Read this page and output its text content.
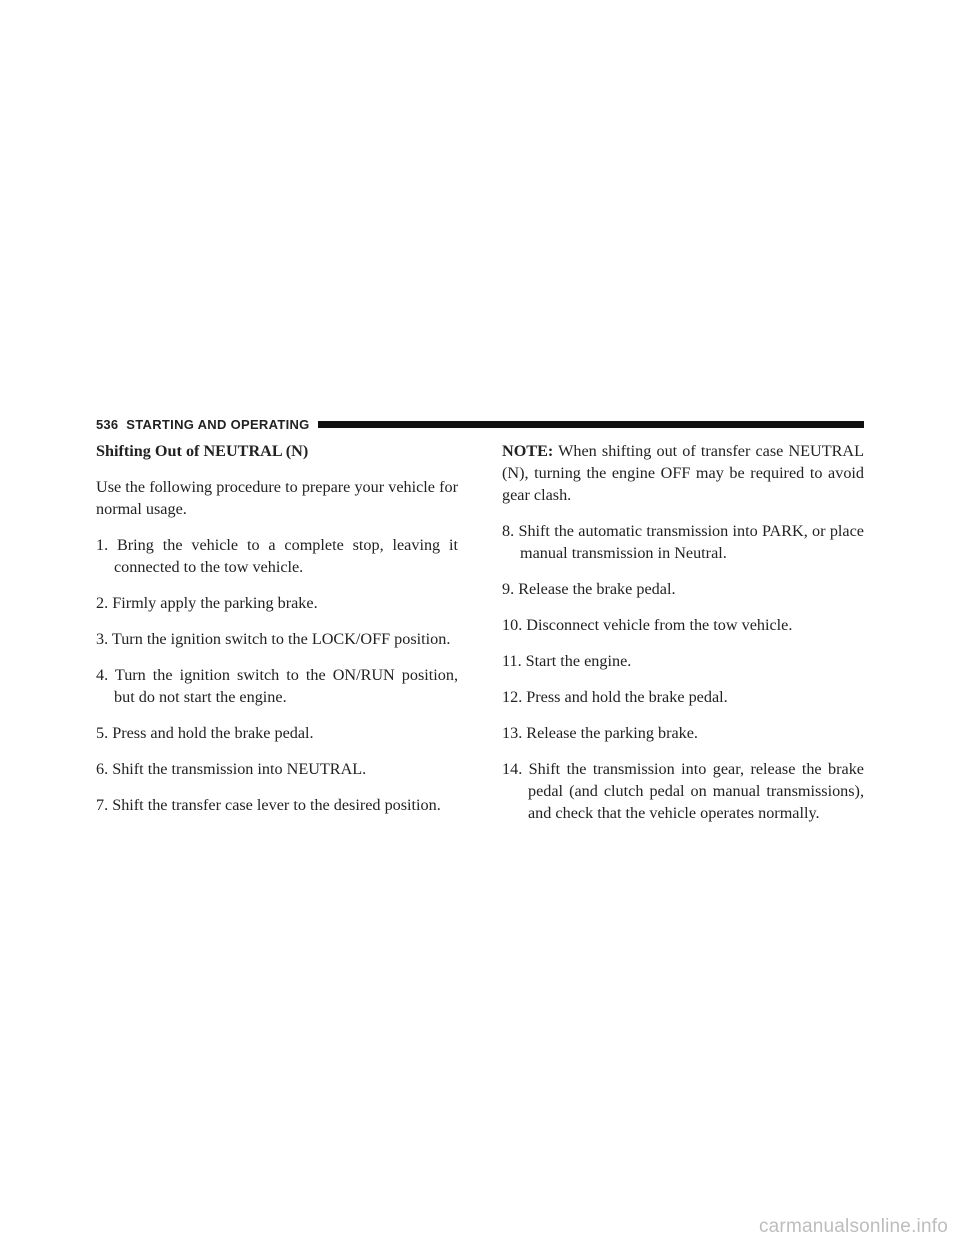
536 STARTING AND OPERATING
Shifting Out of NEUTRAL (N)

Use the following procedure to prepare your vehicle for normal usage.

1. Bring the vehicle to a complete stop, leaving it connected to the tow vehicle.
2. Firmly apply the parking brake.
3. Turn the ignition switch to the LOCK/OFF position.
4. Turn the ignition switch to the ON/RUN position, but do not start the engine.
5. Press and hold the brake pedal.
6. Shift the transmission into NEUTRAL.
7. Shift the transfer case lever to the desired position.

NOTE: When shifting out of transfer case NEUTRAL (N), turning the engine OFF may be required to avoid gear clash.

8. Shift the automatic transmission into PARK, or place manual transmission in Neutral.
9. Release the brake pedal.
10. Disconnect vehicle from the tow vehicle.
11. Start the engine.
12. Press and hold the brake pedal.
13. Release the parking brake.
14. Shift the transmission into gear, release the brake pedal (and clutch pedal on manual transmissions), and check that the vehicle operates normally.
carmanualsonline.info
